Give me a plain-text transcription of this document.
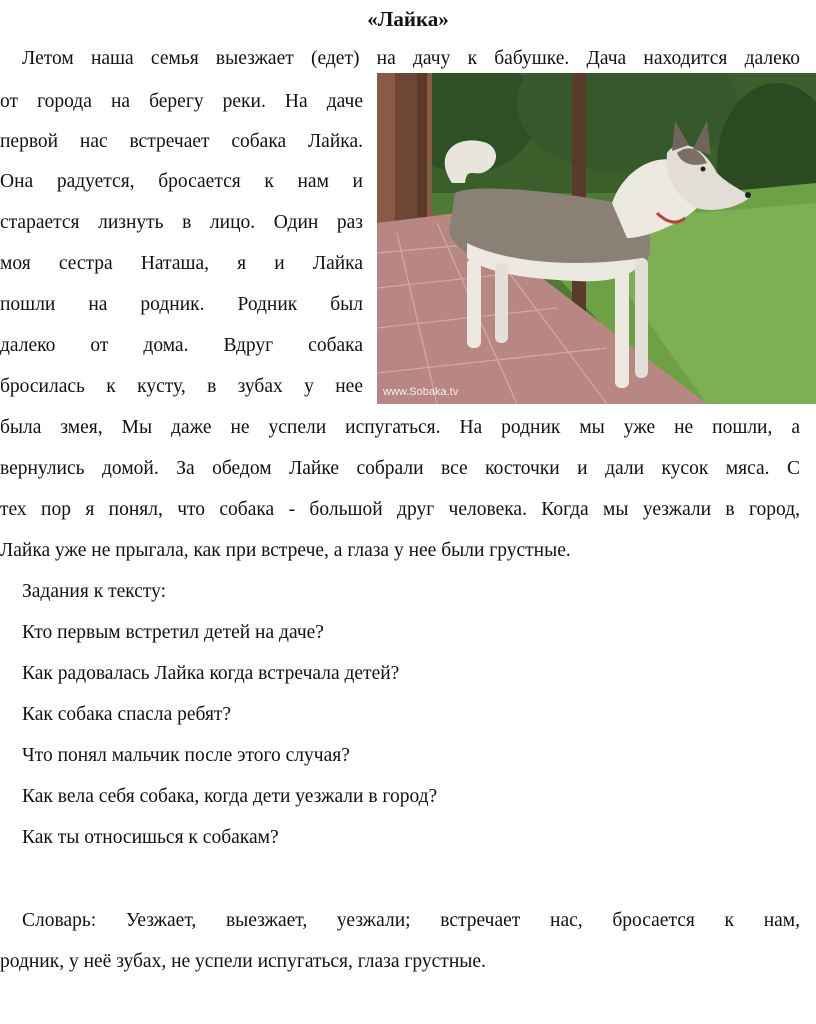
«Лайка»
Летом наша семья выезжает (едет) на дачу к бабушке. Дача находится далеко
от города на берегу реки. На даче
первой нас встречает собака Лайка.
Она радуется, бросается к нам и
старается лизнуть в лицо. Один раз
моя сестра Наташа, я и Лайка
пошли на родник. Родник был
далеко от дома. Вдруг собака
бросилась к кусту, в зубах у нее
была змея, Мы даже не успели испугаться. На родник мы уже не пошли, а
вернулись домой. За обедом Лайке собрали все косточки и дали кусок мяса. С
тех пор я понял, что собака - большой друг человека. Когда мы уезжали в город,
Лайка уже не прыгала, как при встрече, а глаза у нее были грустные.
www.Sobaka.tv
Задания к тексту:
Кто первым встретил детей на даче?
Как радовалась Лайка когда встречала детей?
Как собака спасла ребят?
Что понял мальчик после этого случая?
Как вела себя собака, когда дети уезжали в город?
Как ты относишься к собакам?
Словарь: Уезжает, выезжает, уезжали; встречает нас, бросается к нам,
родник, у неё зубах, не успели испугаться, глаза грустные.
